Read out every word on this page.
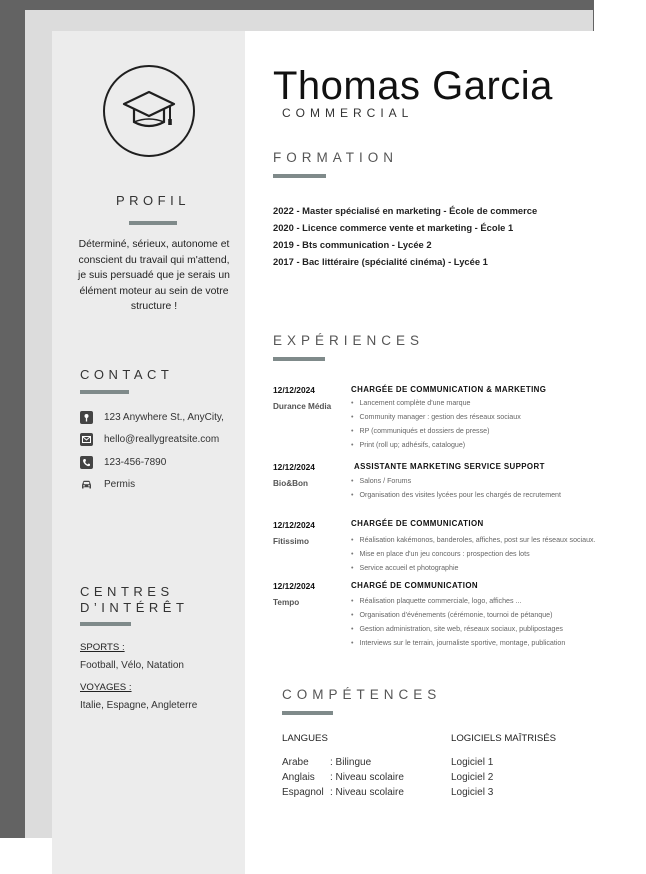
PROFIL
Déterminé, sérieux, autonome et conscient du travail qui m'attend, je suis persuadé que je serais un élément moteur au sein de votre structure !
CONTACT
123 Anywhere St., AnyCity,
hello@reallygreatsite.com
123-456-7890
Permis
CENTRES
D’INTÉRÊT
SPORTS :
Football, Vélo, Natation
VOYAGES :
Italie, Espagne, Angleterre
Thomas Garcia
COMMERCIAL
FORMATION
2022 - Master spécialisé en marketing - École de commerce
2020 - Licence commerce vente et marketing - École 1
2019 - Bts communication - Lycée 2
2017 - Bac littéraire (spécialité cinéma) - Lycée 1
EXPÉRIENCES
12/12/2024
Durance Média
CHARGÉE DE COMMUNICATION & MARKETING
• Lancement complète d'une marque
• Community manager : gestion des réseaux sociaux
• RP (communiqués et dossiers de presse)
• Print (roll up; adhésifs, catalogue)
12/12/2024
Bio&Bon
ASSISTANTE MARKETING SERVICE SUPPORT
• Salons / Forums
• Organisation des visites lycées pour les chargés de recrutement
12/12/2024
Fitissimo
CHARGÉE DE COMMUNICATION
• Réalisation kakémonos, banderoles, affiches, post sur les réseaux sociaux.
• Mise en place d'un jeu concours : prospection des lots
• Service accueil et photographie
12/12/2024
Tempo
CHARGÉ DE COMMUNICATION
• Réalisation plaquette commerciale, logo, affiches ...
• Organisation d'événements (cérémonie, tournoi de pétanque)
• Gestion administration, site web, réseaux sociaux, publipostages
• Interviews sur le terrain, journaliste sportive, montage, publication
COMPÉTENCES
LANGUES
Arabe : Bilingue
Anglais : Niveau scolaire
Espagnol : Niveau scolaire
LOGICIELS MAÎTRISÉS
Logiciel 1
Logiciel 2
Logiciel 3
